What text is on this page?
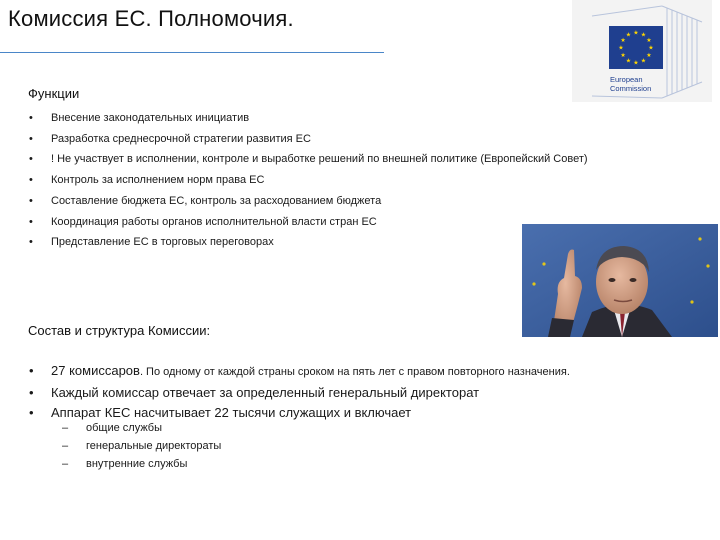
Комиссия ЕС. Полномочия.
★ ★
★
★
★
★
★
★
★
★
★
★
European
Commission
Функции
• Внесение законодательных инициатив
• Разработка среднесрочной стратегии развития ЕС
• ! Не участвует в исполнении, контроле и выработке решений по внешней политике (Европейский Совет)
• Контроль за исполнением норм права ЕС
• Составление бюджета ЕС, контроль за расходованием бюджета
• Координация работы органов исполнительной власти стран ЕС
• Представление ЕС в торговых переговорах
Состав и структура Комиссии:
• 27 комиссаров. По одному от каждой страны сроком на пять лет с правом повторного назначения.
• Каждый комиссар отвечает за определенный генеральный директорат
• Аппарат КЕС насчитывает 22 тысячи служащих и включает
– общие службы
– генеральные директораты
– внутренние службы
